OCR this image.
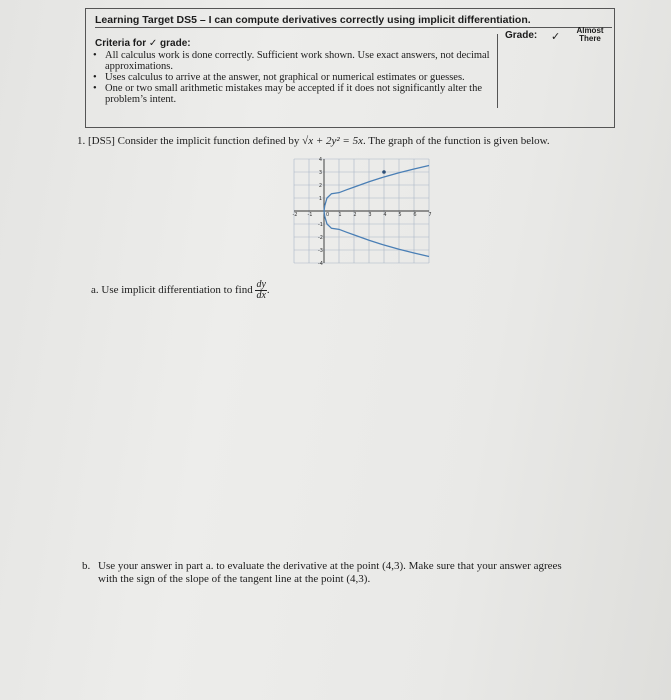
Learning Target DS5 – I can compute derivatives correctly using implicit differentiation.
Criteria for ✓ grade:
Grade: ✓	Almost There

• All calculus work is done correctly. Sufficient work shown. Use exact answers, not decimal approximations.

• Uses calculus to arrive at the answer, not graphical or numerical estimates or guesses.

• One or two small arithmetic mistakes may be accepted if it does not significantly alter the problem’s intent.

1. [DS5] Consider the implicit function defined by √x + 2y² = 5x. The graph of the function is given below.
-2 -1	1 2 3 4 5 6 7
0
4
3
2
1
-1
-2
-3
-4
a. Use implicit differentiation to find $\frac{dy}{dx}$ .
b. Use your answer in part a. to evaluate the derivative at the point (4,3). Make sure that your answer agrees
with the sign of the slope of the tangent line at the point (4,3).
